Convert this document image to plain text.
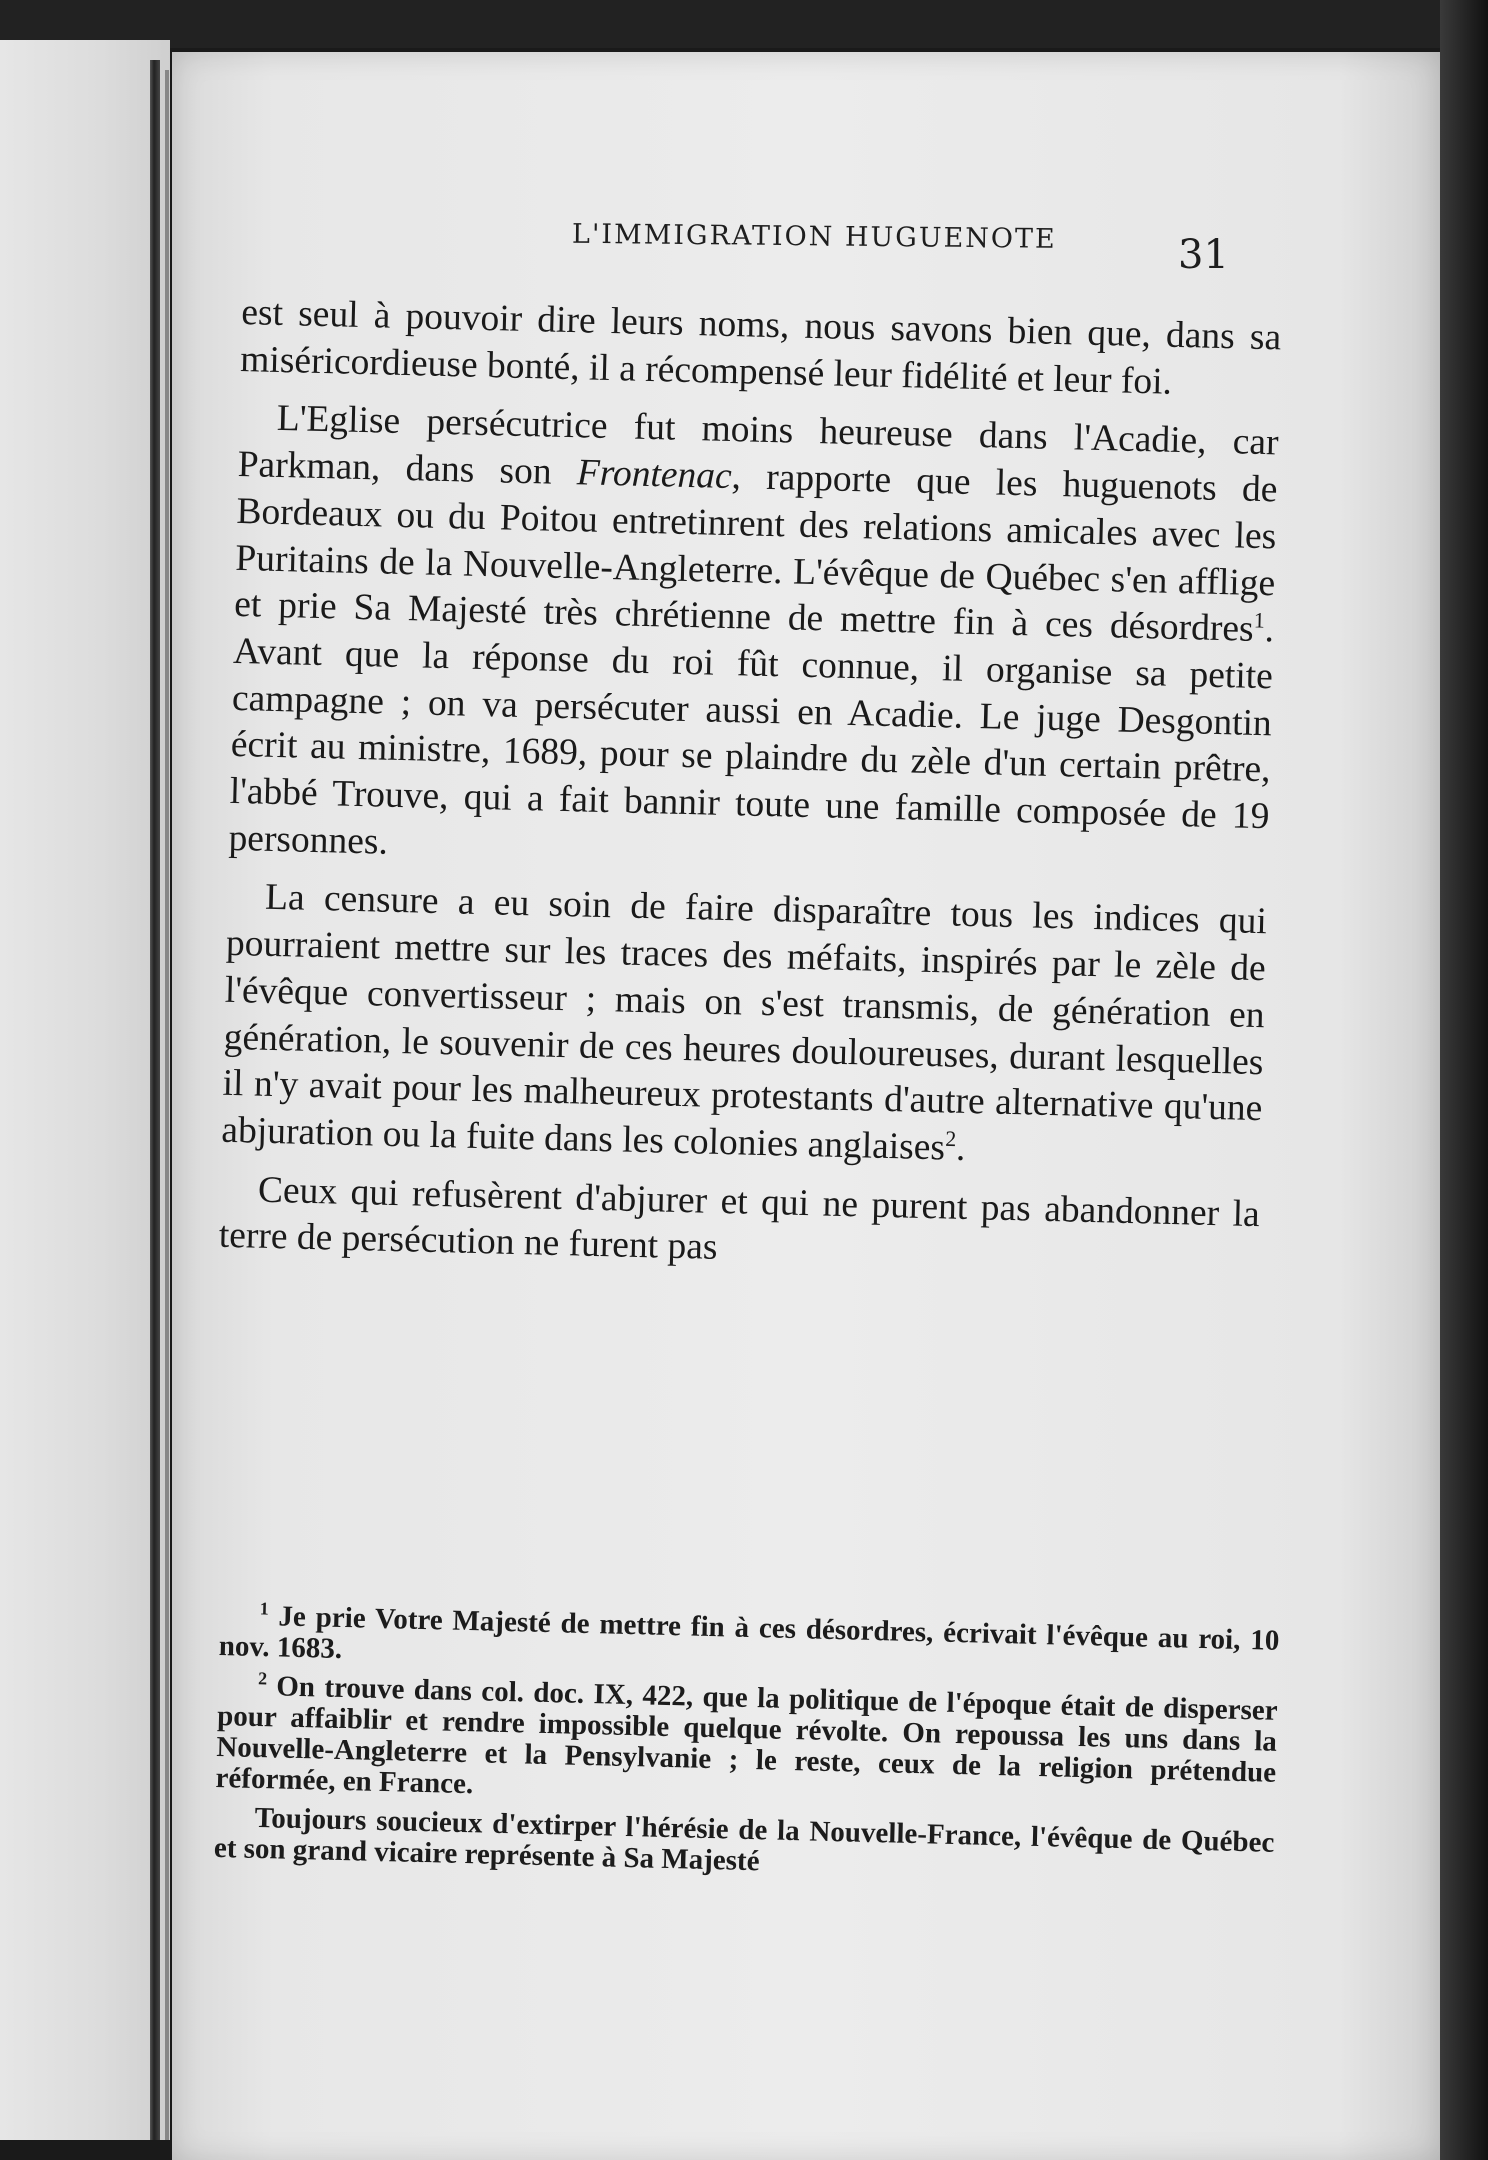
L'IMMIGRATION HUGUENOTE	31

est seul à pouvoir dire leurs noms, nous savons bien que, dans sa miséricordieuse bonté, il a récompensé leur fidélité et leur foi.

L'Eglise persécutrice fut moins heureuse dans l'Acadie, car Parkman, dans son Frontenac, rapporte que les huguenots de Bordeaux ou du Poitou entretinrent des relations amicales avec les Puritains de la Nouvelle-Angleterre. L'évêque de Québec s'en afflige et prie Sa Majesté très chrétienne de mettre fin à ces désordres$^1$. Avant que la réponse du roi fût connue, il organise sa petite campagne ; on va persécuter aussi en Acadie. Le juge Desgontin écrit au ministre, 1689, pour se plaindre du zèle d'un certain prêtre, l'abbé Trouve, qui a fait bannir toute une famille composée de 19 personnes.

La censure a eu soin de faire disparaître tous les indices qui pourraient mettre sur les traces des méfaits, inspirés par le zèle de l'évêque convertisseur ; mais on s'est transmis, de génération en génération, le souvenir de ces heures douloureuses, durant lesquelles il n'y avait pour les malheureux protestants d'autre alternative qu'une abjuration ou la fuite dans les colonies anglaises$^2$.

Ceux qui refusèrent d'abjurer et qui ne purent pas abandonner la terre de persécution ne furent pas

$^1$ Je prie Votre Majesté de mettre fin à ces désordres, écrivait l'évêque au roi, 10 nov. 1683.

$^2$ On trouve dans col. doc. IX, 422, que la politique de l'époque était de disperser pour affaiblir et rendre impossible quelque révolte. On repoussa les uns dans la Nouvelle-Angleterre et la Pensylvanie ; le reste, ceux de la religion prétendue réformée, en France.

Toujours soucieux d'extirper l'hérésie de la Nouvelle-France, l'évêque de Québec et son grand vicaire représente à Sa Majesté
